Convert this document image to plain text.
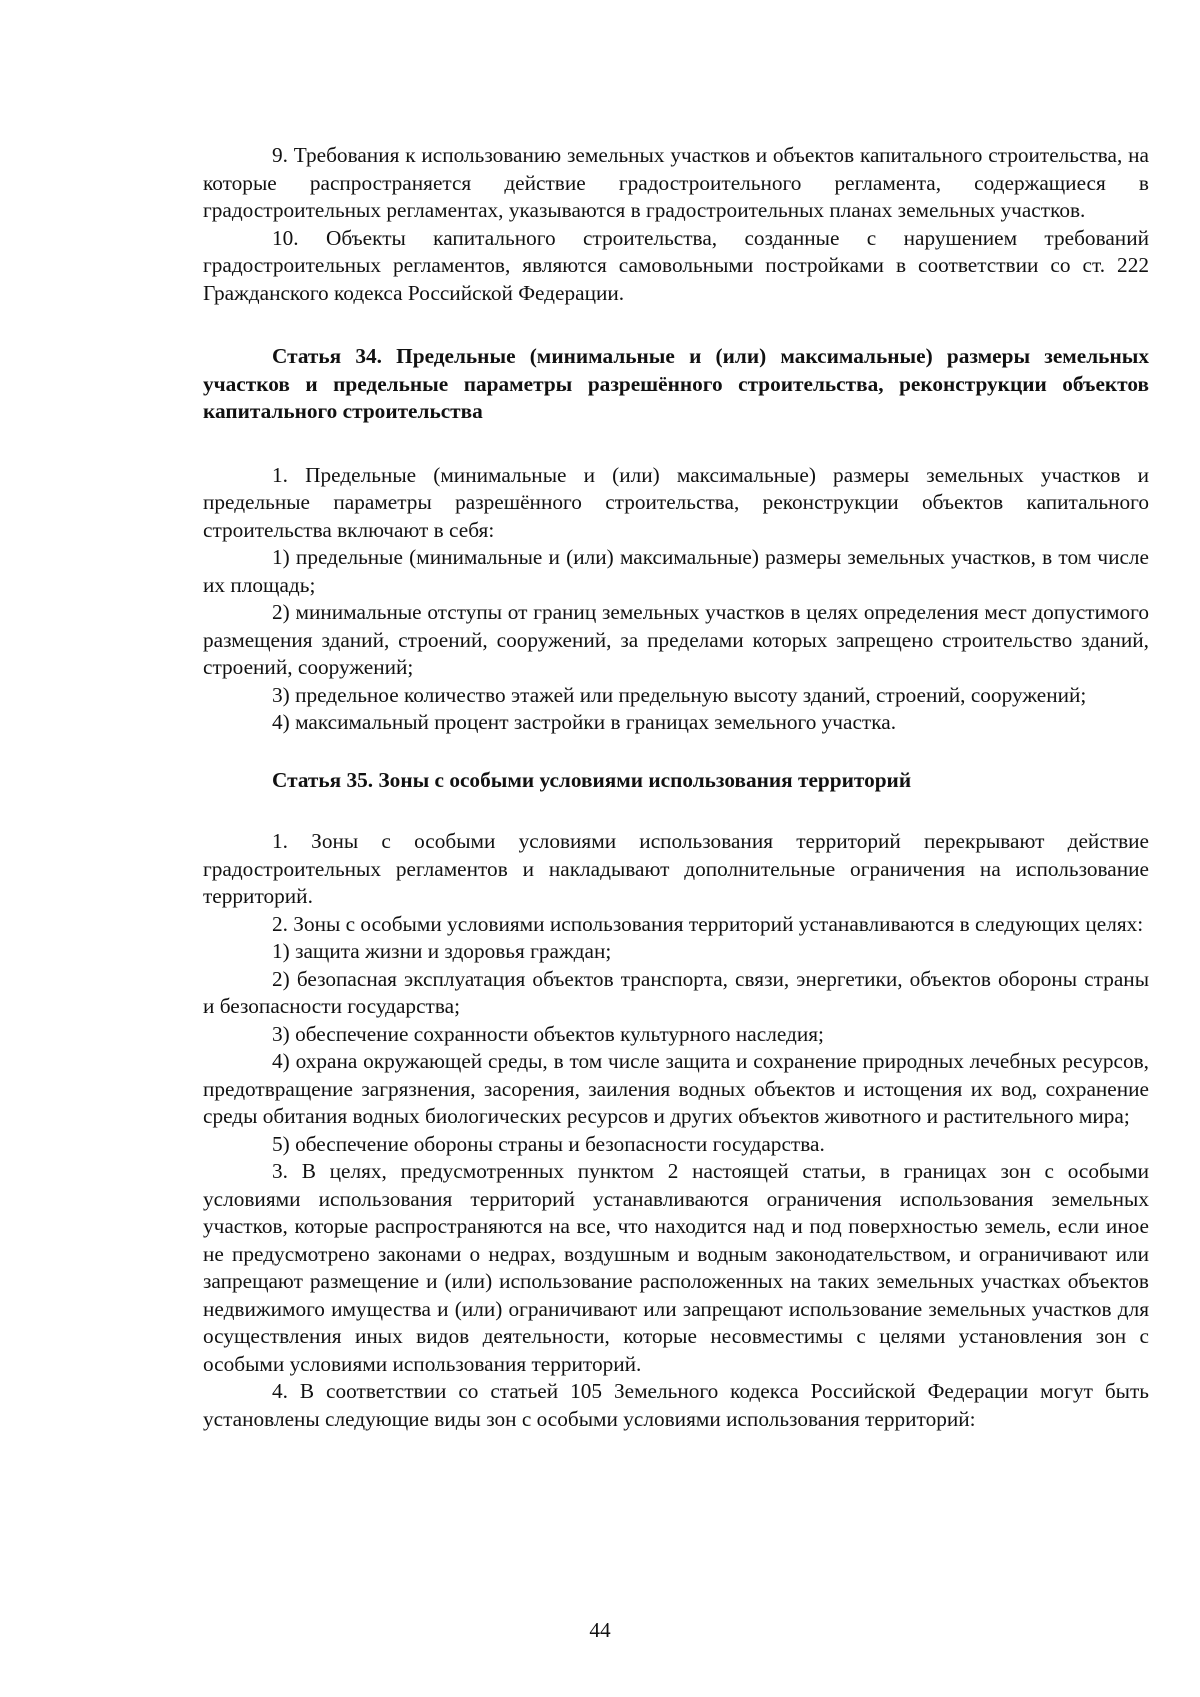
9. Требования к использованию земельных участков и объектов капитального строительства, на которые распространяется действие градостроительного регламента, содержащиеся в градостроительных регламентах, указываются в градостроительных планах земельных участков.

10. Объекты капитального строительства, созданные с нарушением требований градостроительных регламентов, являются самовольными постройками в соответствии со ст. 222 Гражданского кодекса Российской Федерации.

Статья 34. Предельные (минимальные и (или) максимальные) размеры земельных участков и предельные параметры разрешённого строительства, реконструкции объектов капитального строительства

1. Предельные (минимальные и (или) максимальные) размеры земельных участков и предельные параметры разрешённого строительства, реконструкции объектов капитального строительства включают в себя:

1) предельные (минимальные и (или) максимальные) размеры земельных участков, в том числе их площадь;

2) минимальные отступы от границ земельных участков в целях определения мест допустимого размещения зданий, строений, сооружений, за пределами которых запрещено строительство зданий, строений, сооружений;

3) предельное количество этажей или предельную высоту зданий, строений, сооружений;

4) максимальный процент застройки в границах земельного участка.

Статья 35. Зоны с особыми условиями использования территорий

1. Зоны с особыми условиями использования территорий перекрывают действие градостроительных регламентов и накладывают дополнительные ограничения на использование территорий.

2. Зоны с особыми условиями использования территорий устанавливаются в следующих целях:

1) защита жизни и здоровья граждан;

2) безопасная эксплуатация объектов транспорта, связи, энергетики, объектов обороны страны и безопасности государства;

3) обеспечение сохранности объектов культурного наследия;

4) охрана окружающей среды, в том числе защита и сохранение природных лечебных ресурсов, предотвращение загрязнения, засорения, заиления водных объектов и истощения их вод, сохранение среды обитания водных биологических ресурсов и других объектов животного и растительного мира;

5) обеспечение обороны страны и безопасности государства.

3. В целях, предусмотренных пунктом 2 настоящей статьи, в границах зон с особыми условиями использования территорий устанавливаются ограничения использования земельных участков, которые распространяются на все, что находится над и под поверхностью земель, если иное не предусмотрено законами о недрах, воздушным и водным законодательством, и ограничивают или запрещают размещение и (или) использование расположенных на таких земельных участках объектов недвижимого имущества и (или) ограничивают или запрещают использование земельных участков для осуществления иных видов деятельности, которые несовместимы с целями установления зон с особыми условиями использования территорий.

4. В соответствии со статьей 105 Земельного кодекса Российской Федерации могут быть установлены следующие виды зон с особыми условиями использования территорий:

44
